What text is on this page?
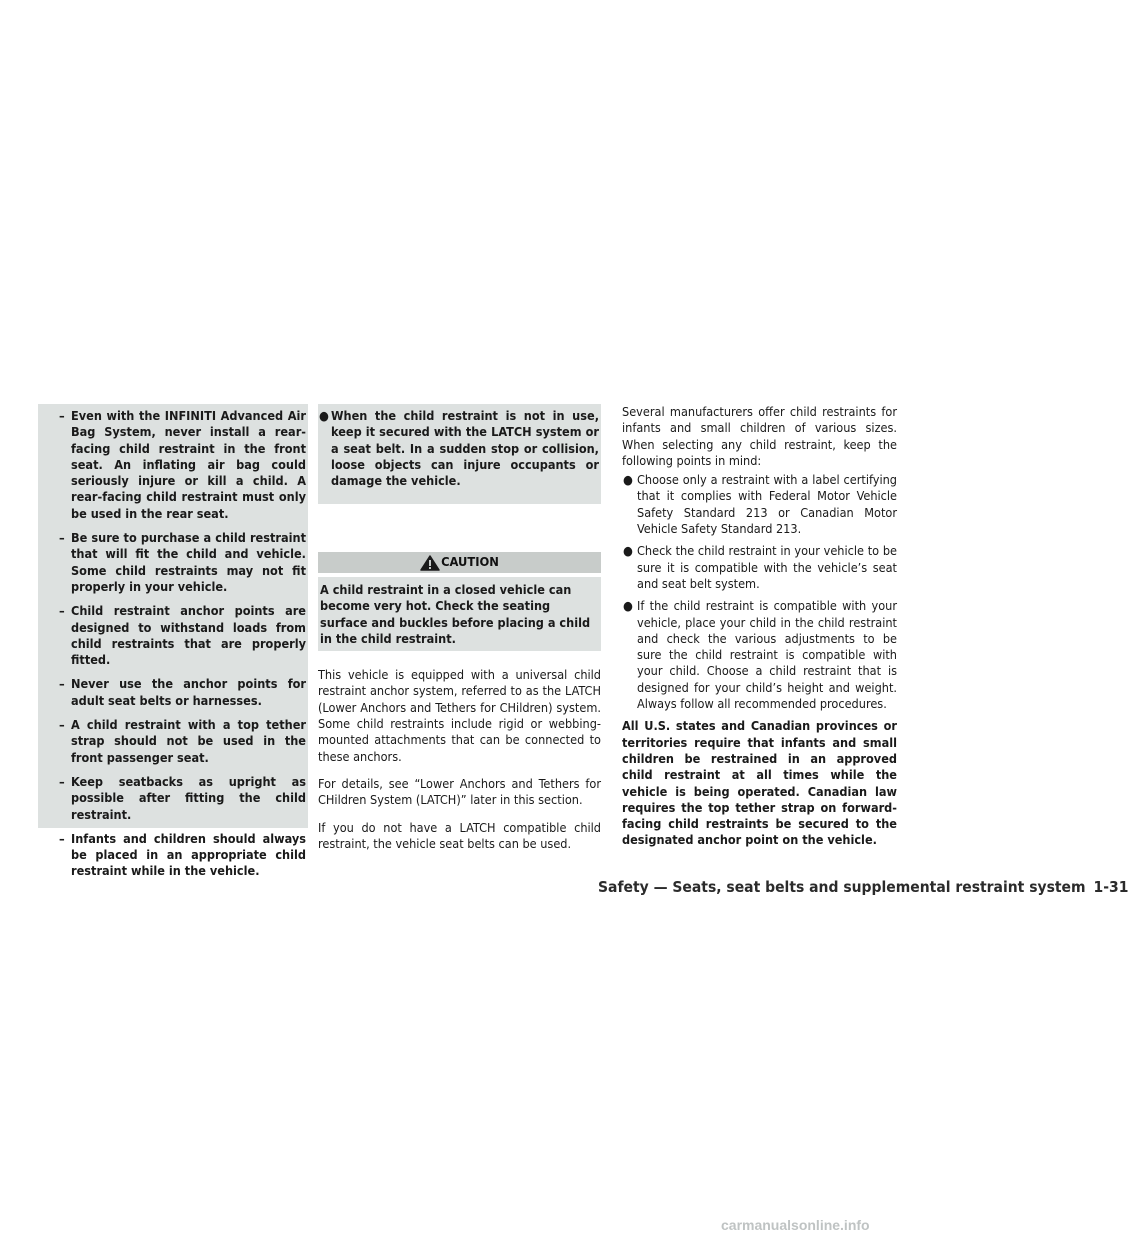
– Even with the INFINITI Advanced Air Bag System, never install a rear-facing child restraint in the front seat. An inflating air bag could seriously injure or kill a child. A rear-facing child restraint must only be used in the rear seat.
– Be sure to purchase a child restraint that will fit the child and vehicle. Some child restraints may not fit properly in your vehicle.
– Child restraint anchor points are designed to withstand loads from child restraints that are properly fitted.
– Never use the anchor points for adult seat belts or harnesses.
– A child restraint with a top tether strap should not be used in the front passenger seat.
– Keep seatbacks as upright as possible after fitting the child restraint.
– Infants and children should always be placed in an appropriate child restraint while in the vehicle.
● When the child restraint is not in use, keep it secured with the LATCH system or a seat belt. In a sudden stop or collision, loose objects can injure occupants or damage the vehicle.
CAUTION
A child restraint in a closed vehicle can become very hot. Check the seating surface and buckles before placing a child in the child restraint.

This vehicle is equipped with a universal child restraint anchor system, referred to as the LATCH (Lower Anchors and Tethers for CHildren) system. Some child restraints include rigid or webbing-mounted attachments that can be connected to these anchors.

For details, see “Lower Anchors and Tethers for CHildren System (LATCH)” later in this section.

If you do not have a LATCH compatible child restraint, the vehicle seat belts can be used.

Several manufacturers offer child restraints for infants and small children of various sizes. When selecting any child restraint, keep the following points in mind:

● Choose only a restraint with a label certifying that it complies with Federal Motor Vehicle Safety Standard 213 or Canadian Motor Vehicle Safety Standard 213.
● Check the child restraint in your vehicle to be sure it is compatible with the vehicle’s seat and seat belt system.
● If the child restraint is compatible with your vehicle, place your child in the child restraint and check the various adjustments to be sure the child restraint is compatible with your child. Choose a child restraint that is designed for your child’s height and weight. Always follow all recommended procedures.

All U.S. states and Canadian provinces or territories require that infants and small children be restrained in an approved child restraint at all times while the vehicle is being operated. Canadian law requires the top tether strap on forward-facing child restraints be secured to the designated anchor point on the vehicle.

Safety — Seats, seat belts and supplemental restraint system 1-31
carmanualsonline.info
